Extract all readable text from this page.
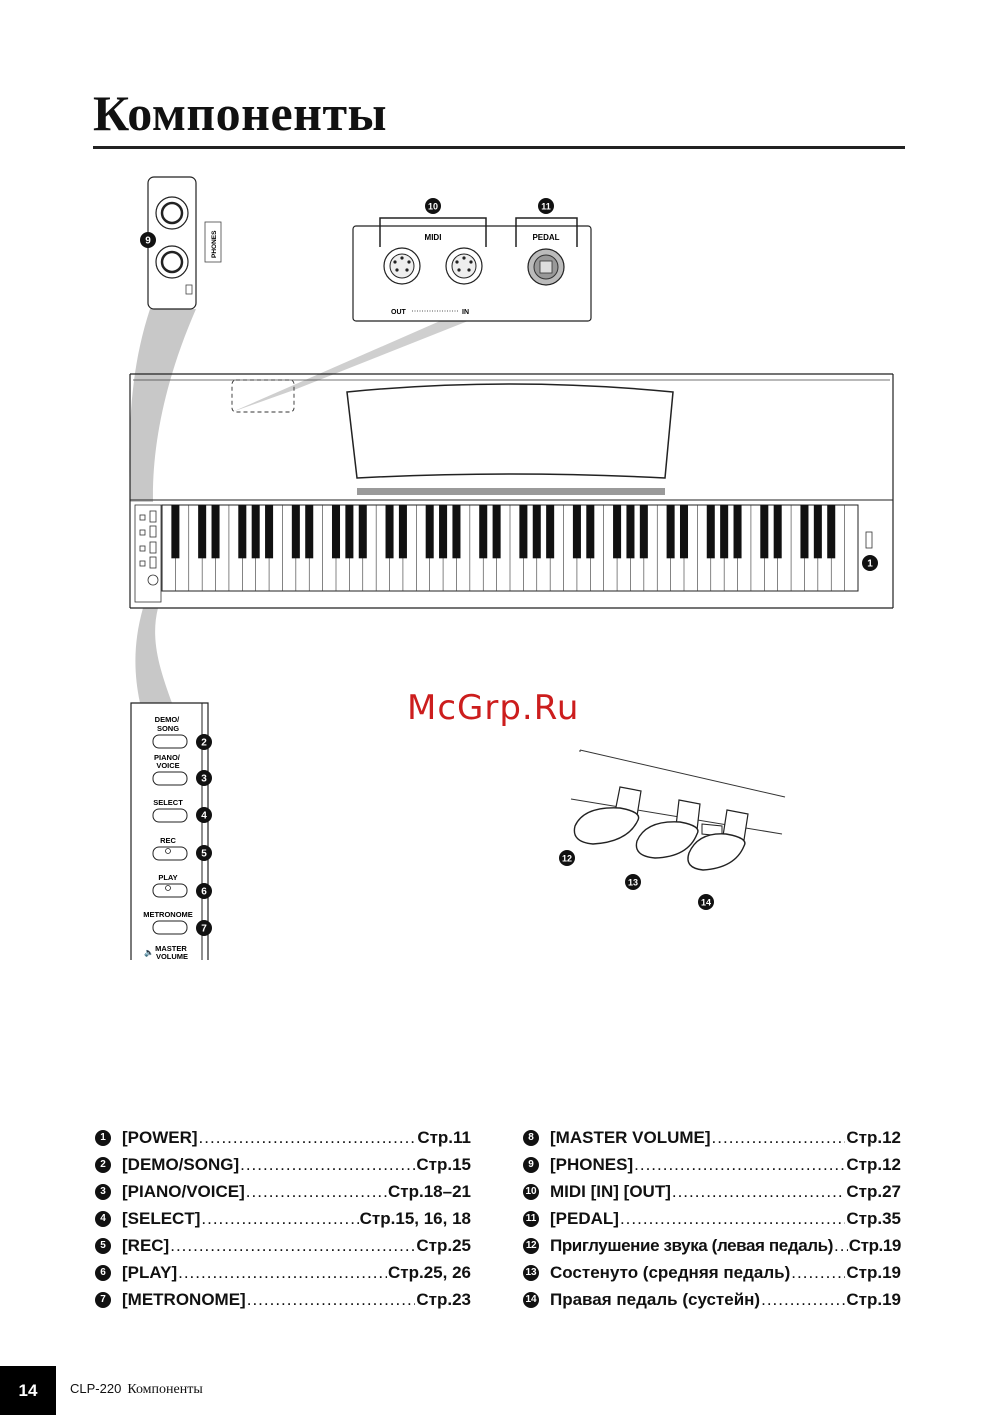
Компоненты
PHONES
9	MIDI	PEDAL
OUT	IN
10	11
1
DEMO/ SONG
PIANO/ VOICE
SELECT
REC
PLAY
METRONOME
🔈 MASTER VOLUME
2
3
4
5
6
7
12
13
14
McGrp.Ru
1 [POWER] .....	Стр.11
2 [DEMO/SONG] .....	Стр.15
3 [PIANO/VOICE] .....	Стр.18–21
4 [SELECT] .....	Стр.15, 16, 18
5 [REC] .....	Стр.25
6 [PLAY] .....	Стр.25, 26
7 [METRONOME] .....	Стр.23
8 [MASTER VOLUME] .....	Стр.12
9 [PHONES] .....	Стр.12
10 MIDI [IN] [OUT] .....	Стр.27
11 [PEDAL] .....	Стр.35
12 Приглушение звука (левая педаль) ..... Стр.19
13 Состенуто (средняя педаль) .....	Стр.19
14 Правая педаль (сустейн) .....	Стр.19
14	CLP-220 Компоненты
